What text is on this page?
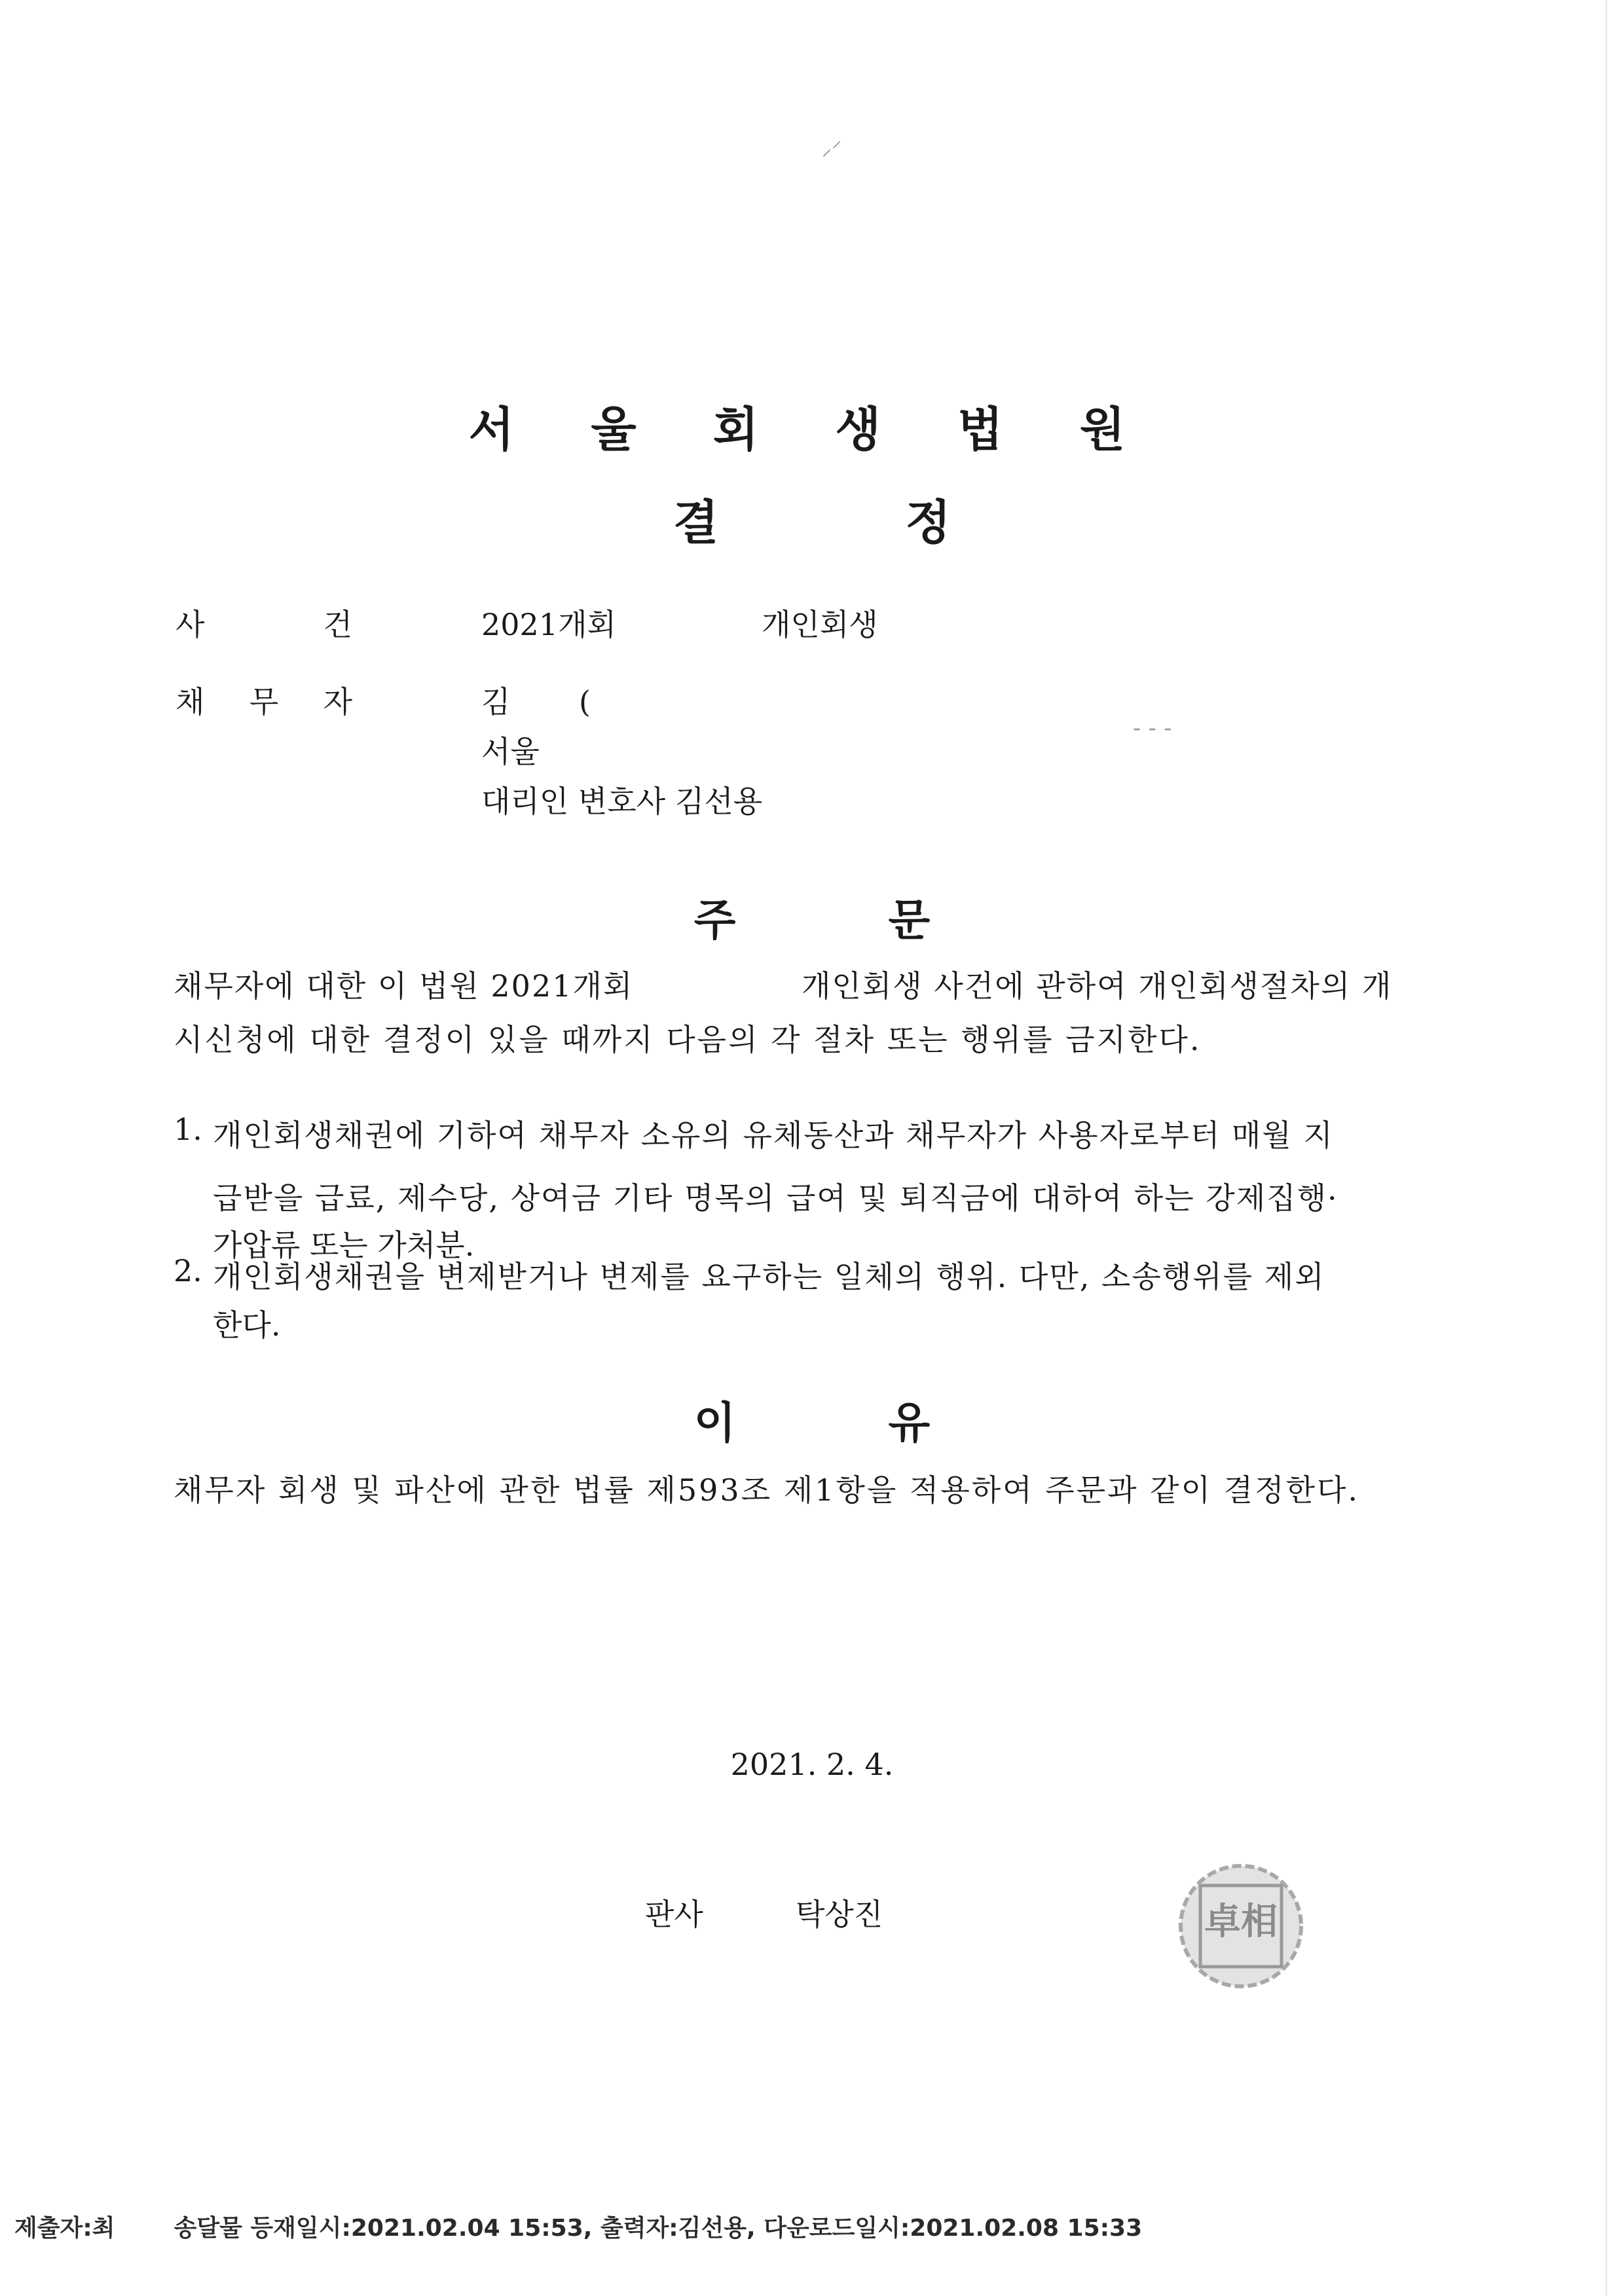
⸝⸍
서 울 회 생 법 원
결 정
사	건	2021개회	개인회생
채 무 자	김 (
서울
대리인 변호사 김선용
‐ ‐ ‐
주 문
채무자에 대한 이 법원 2021개회	개인회생 사건에 관하여 개인회생절차의 개
시신청에 대한 결정이 있을 때까지 다음의 각 절차 또는 행위를 금지한다.
1. 개인회생채권에 기하여 채무자 소유의 유체동산과 채무자가 사용자로부터 매월 지
급받을 급료, 제수당, 상여금 기타 명목의 급여 및 퇴직금에 대하여 하는 강제집행·
가압류 또는 가처분.
2. 개인회생채권을 변제받거나 변제를 요구하는 일체의 행위. 다만, 소송행위를 제외
한다.
이 유
채무자 회생 및 파산에 관한 법률 제593조 제1항을 적용하여 주문과 같이 결정한다.
2021. 2. 4.
판사	탁상진	卓相
제출자:최	송달물 등재일시:2021.02.04 15:53, 출력자:김선용, 다운로드일시:2021.02.08 15:33
